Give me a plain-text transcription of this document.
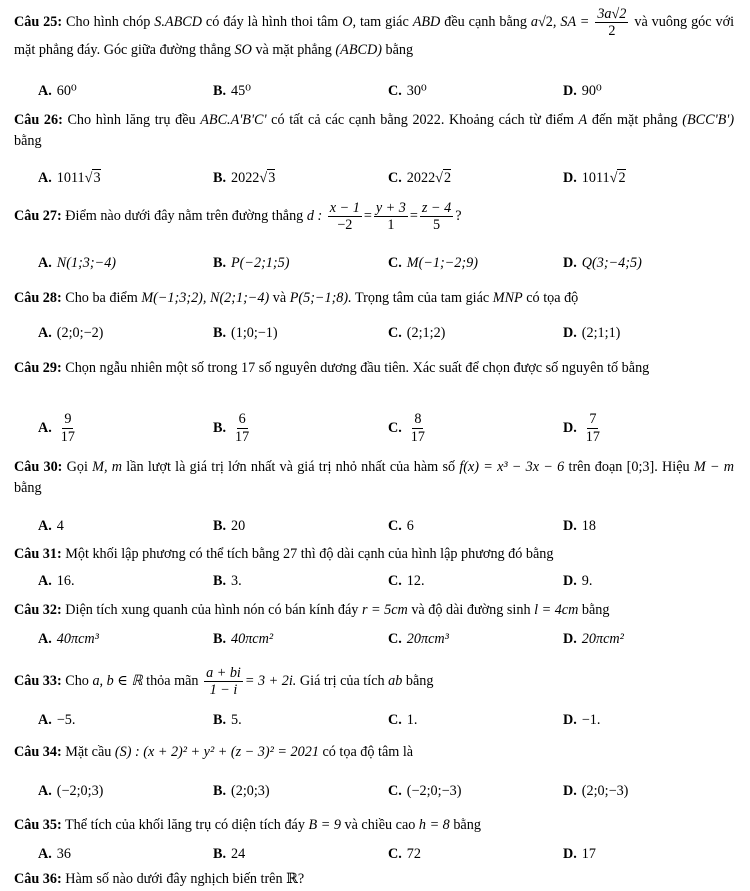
Câu 25: Cho hình chóp S.ABCD có đáy là hình thoi tâm O, tam giác ABD đều cạnh bằng a√2, SA = $\frac{3a√2}{2}$ và vuông góc với mặt phẳng đáy. Góc giữa đường thẳng SO và mặt phẳng (ABCD) bằng
A. 60⁰	B. 45⁰	C. 30⁰	D. 90⁰
Câu 26: Cho hình lăng trụ đều ABC.A'B'C' có tất cả các cạnh bằng 2022. Khoảng cách từ điểm A đến mặt phẳng (BCC'B') bằng
A. 1011 √ 3	B. 2022 √ 3	C. 2022 √ 2	D. 1011 √ 2
Câu 27: Điểm nào dưới đây nằm trên đường thẳng d : $\frac{x - 1}{-2} = \frac{y + 3}{1} = \frac{z - 4}{5}$ ?
A. N(1;3;−4)	B. P(−2;1;5)	C. M(−1;−2;9)	D. Q(3;−4;5)
Câu 28: Cho ba điểm M(−1;3;2), N(2;1;−4) và P(5;−1;8). Trọng tâm của tam giác MNP có tọa độ
A. (2;0;−2)	B. (1;0;−1)	C. (2;1;2)	D. (2;1;1)
Câu 29: Chọn ngẫu nhiên một số trong 17 số nguyên dương đầu tiên. Xác suất để chọn được số nguyên tố bằng
A. $\frac{9}{17}$	B. $\frac{6}{17}$	C. $\frac{8}{17}$	D. $\frac{7}{17}$
Câu 30: Gọi M, m lần lượt là giá trị lớn nhất và giá trị nhỏ nhất của hàm số f(x) = x³ − 3x − 6 trên đoạn [0;3]. Hiệu M − m bằng
A. 4	B. 20	C. 6	D. 18
Câu 31: Một khối lập phương có thể tích bằng 27 thì độ dài cạnh của hình lập phương đó bằng
A. 16.	B. 3.	C. 12.	D. 9.
Câu 32: Diện tích xung quanh của hình nón có bán kính đáy r = 5cm và độ dài đường sinh l = 4cm bằng
A. 40πcm³	B. 40πcm²	C. 20πcm³	D. 20πcm²
Câu 33: Cho a, b ∈ ℝ thỏa mãn $\frac{a + bi}{1 - i} = 3 + 2i$. Giá trị của tích ab bằng
A. −5.	B. 5.	C. 1.	D. −1.
Câu 34: Mặt cầu (S) : (x + 2)² + y² + (z − 3)² = 2021 có tọa độ tâm là
A. (−2;0;3)	B. (2;0;3)	C. (−2;0;−3)	D. (2;0;−3)
Câu 35: Thể tích của khối lăng trụ có diện tích đáy B = 9 và chiều cao h = 8 bằng
A. 36	B. 24	C. 72	D. 17
Câu 36: Hàm số nào dưới đây nghịch biến trên ℝ?
